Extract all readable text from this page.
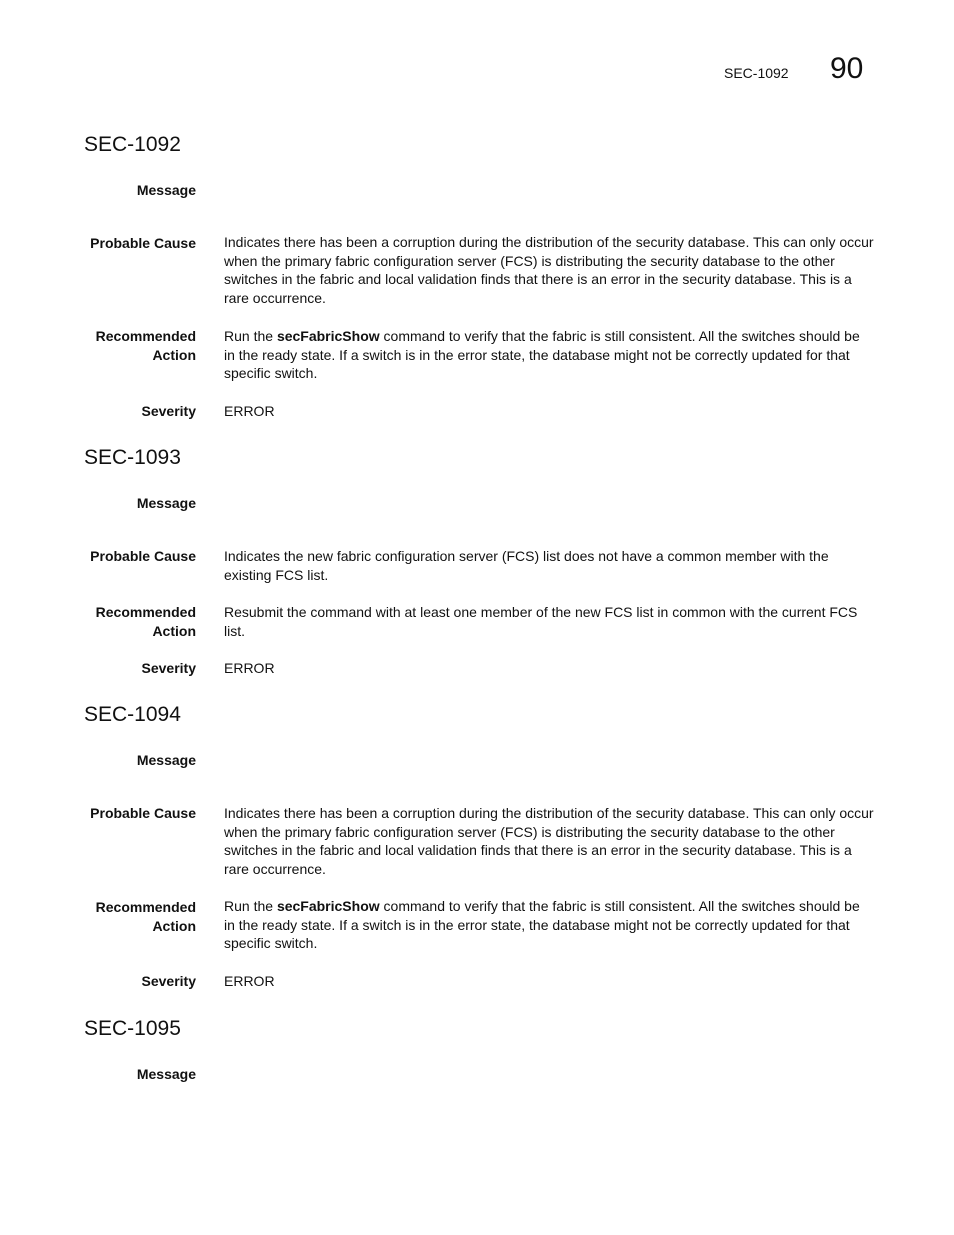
SEC-1092 90
SEC-1092
Message
Probable Cause Indicates there has been a corruption during the distribution of the security database. This can only occur when the primary fabric configuration server (FCS) is distributing the security database to the other switches in the fabric and local validation finds that there is an error in the security database. This is a rare occurrence.
Recommended
Action
Run the secFabricShow command to verify that the fabric is still consistent. All the switches should be in the ready state. If a switch is in the error state, the database might not be correctly updated for that specific switch.
Severity ERROR
SEC-1093
Message
Probable Cause Indicates the new fabric configuration server (FCS) list does not have a common member with the existing FCS list.
Recommended
Action
Resubmit the command with at least one member of the new FCS list in common with the current FCS list.
Severity ERROR
SEC-1094
Message
Probable Cause Indicates there has been a corruption during the distribution of the security database. This can only occur when the primary fabric configuration server (FCS) is distributing the security database to the other switches in the fabric and local validation finds that there is an error in the security database. This is a rare occurrence.
Recommended
Action
Run the secFabricShow command to verify that the fabric is still consistent. All the switches should be in the ready state. If a switch is in the error state, the database might not be correctly updated for that specific switch.
Severity ERROR
SEC-1095
Message
